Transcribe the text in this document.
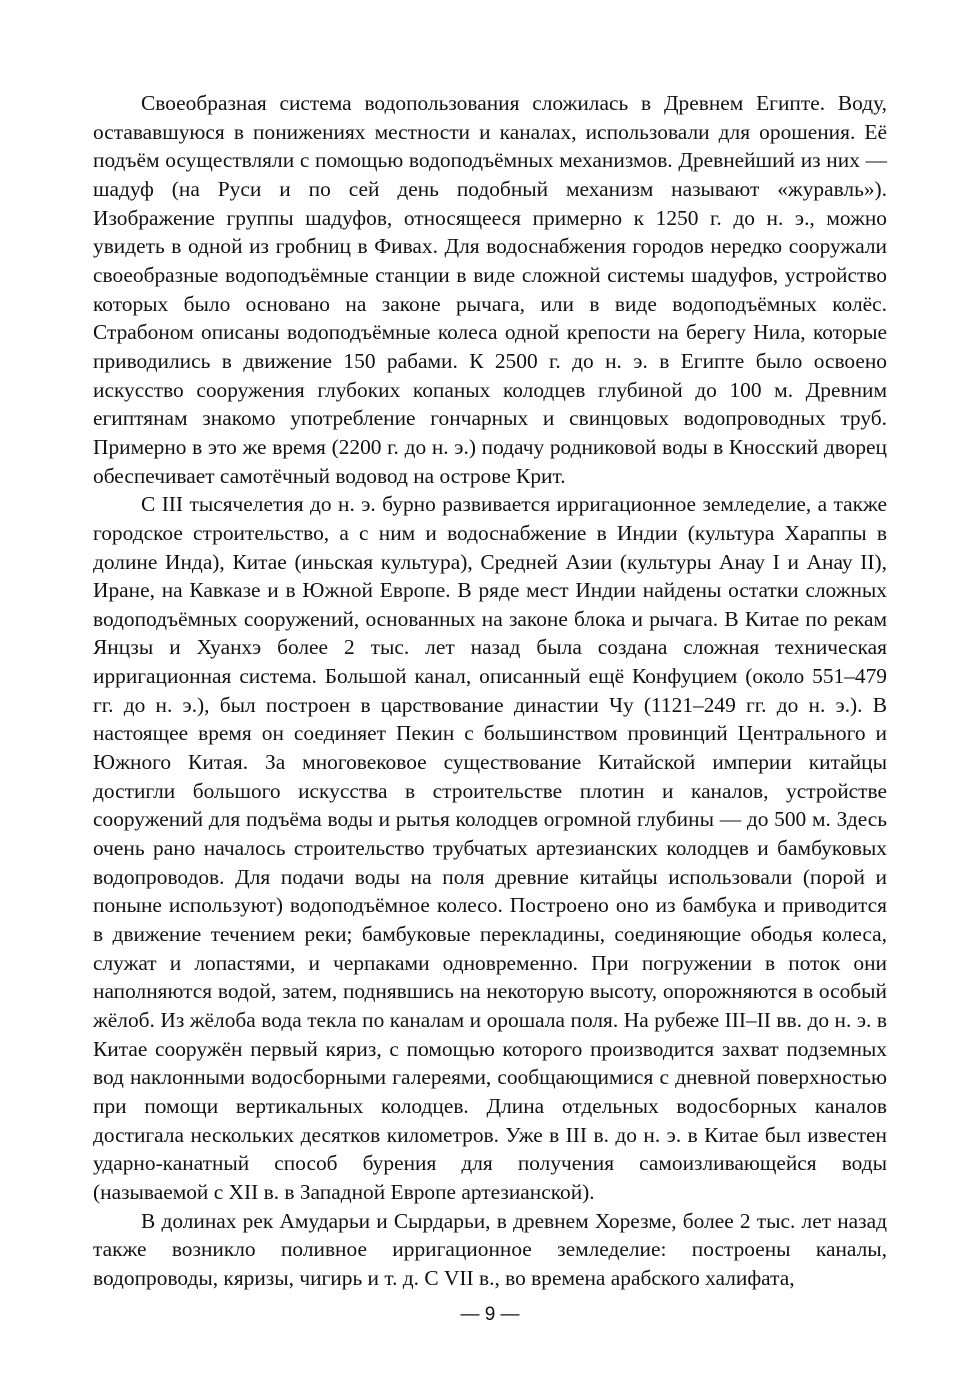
Своеобразная система водопользования сложилась в Древнем Египте. Воду, остававшуюся в понижениях местности и каналах, использовали для орошения. Её подъём осуществляли с помощью водоподъёмных механизмов. Древнейший из них — шадуф (на Руси и по сей день подобный механизм называют «журавль»). Изображение группы шадуфов, относящееся примерно к 1250 г. до н. э., можно увидеть в одной из гробниц в Фивах. Для водоснабжения городов нередко сооружали своеобразные водоподъёмные станции в виде сложной системы шадуфов, устройство которых было основано на законе рычага, или в виде водоподъёмных колёс. Страбоном описаны водоподъёмные колеса одной крепости на берегу Нила, которые приводились в движение 150 рабами. К 2500 г. до н. э. в Египте было освоено искусство сооружения глубоких копаных колодцев глубиной до 100 м. Древним египтянам знакомо употребление гончарных и свинцовых водопроводных труб. Примерно в это же время (2200 г. до н. э.) подачу родниковой воды в Кносский дворец обеспечивает самотёчный водовод на острове Крит.

С III тысячелетия до н. э. бурно развивается ирригационное земледелие, а также городское строительство, а с ним и водоснабжение в Индии (культура Хараппы в долине Инда), Китае (иньская культура), Средней Азии (культуры Анау I и Анау II), Иране, на Кавказе и в Южной Европе. В ряде мест Индии найдены остатки сложных водоподъёмных сооружений, основанных на законе блока и рычага. В Китае по рекам Янцзы и Хуанхэ более 2 тыс. лет назад была создана сложная техническая ирригационная система. Большой канал, описанный ещё Конфуцием (около 551–479 гг. до н. э.), был построен в царствование династии Чу (1121–249 гг. до н. э.). В настоящее время он соединяет Пекин с большинством провинций Центрального и Южного Китая. За многовековое существование Китайской империи китайцы достигли большого искусства в строительстве плотин и каналов, устройстве сооружений для подъёма воды и рытья колодцев огромной глубины — до 500 м. Здесь очень рано началось строительство трубчатых артезианских колодцев и бамбуковых водопроводов. Для подачи воды на поля древние китайцы использовали (порой и поныне используют) водоподъёмное колесо. Построено оно из бамбука и приводится в движение течением реки; бамбуковые перекладины, соединяющие ободья колеса, служат и лопастями, и черпаками одновременно. При погружении в поток они наполняются водой, затем, поднявшись на некоторую высоту, опорожняются в особый жёлоб. Из жёлоба вода текла по каналам и орошала поля. На рубеже III–II вв. до н. э. в Китае сооружён первый кяриз, с помощью которого производится захват подземных вод наклонными водосборными галереями, сообщающимися с дневной поверхностью при помощи вертикальных колодцев. Длина отдельных водосборных каналов достигала нескольких десятков километров. Уже в III в. до н. э. в Китае был известен ударно-канатный способ бурения для получения самоизливающейся воды (называемой с XII в. в Западной Европе артезианской).

В долинах рек Амударьи и Сырдарьи, в древнем Хорезме, более 2 тыс. лет назад также возникло поливное ирригационное земледелие: построены каналы, водопроводы, кяризы, чигирь и т. д. С VII в., во времена арабского халифата,

— 9 —
